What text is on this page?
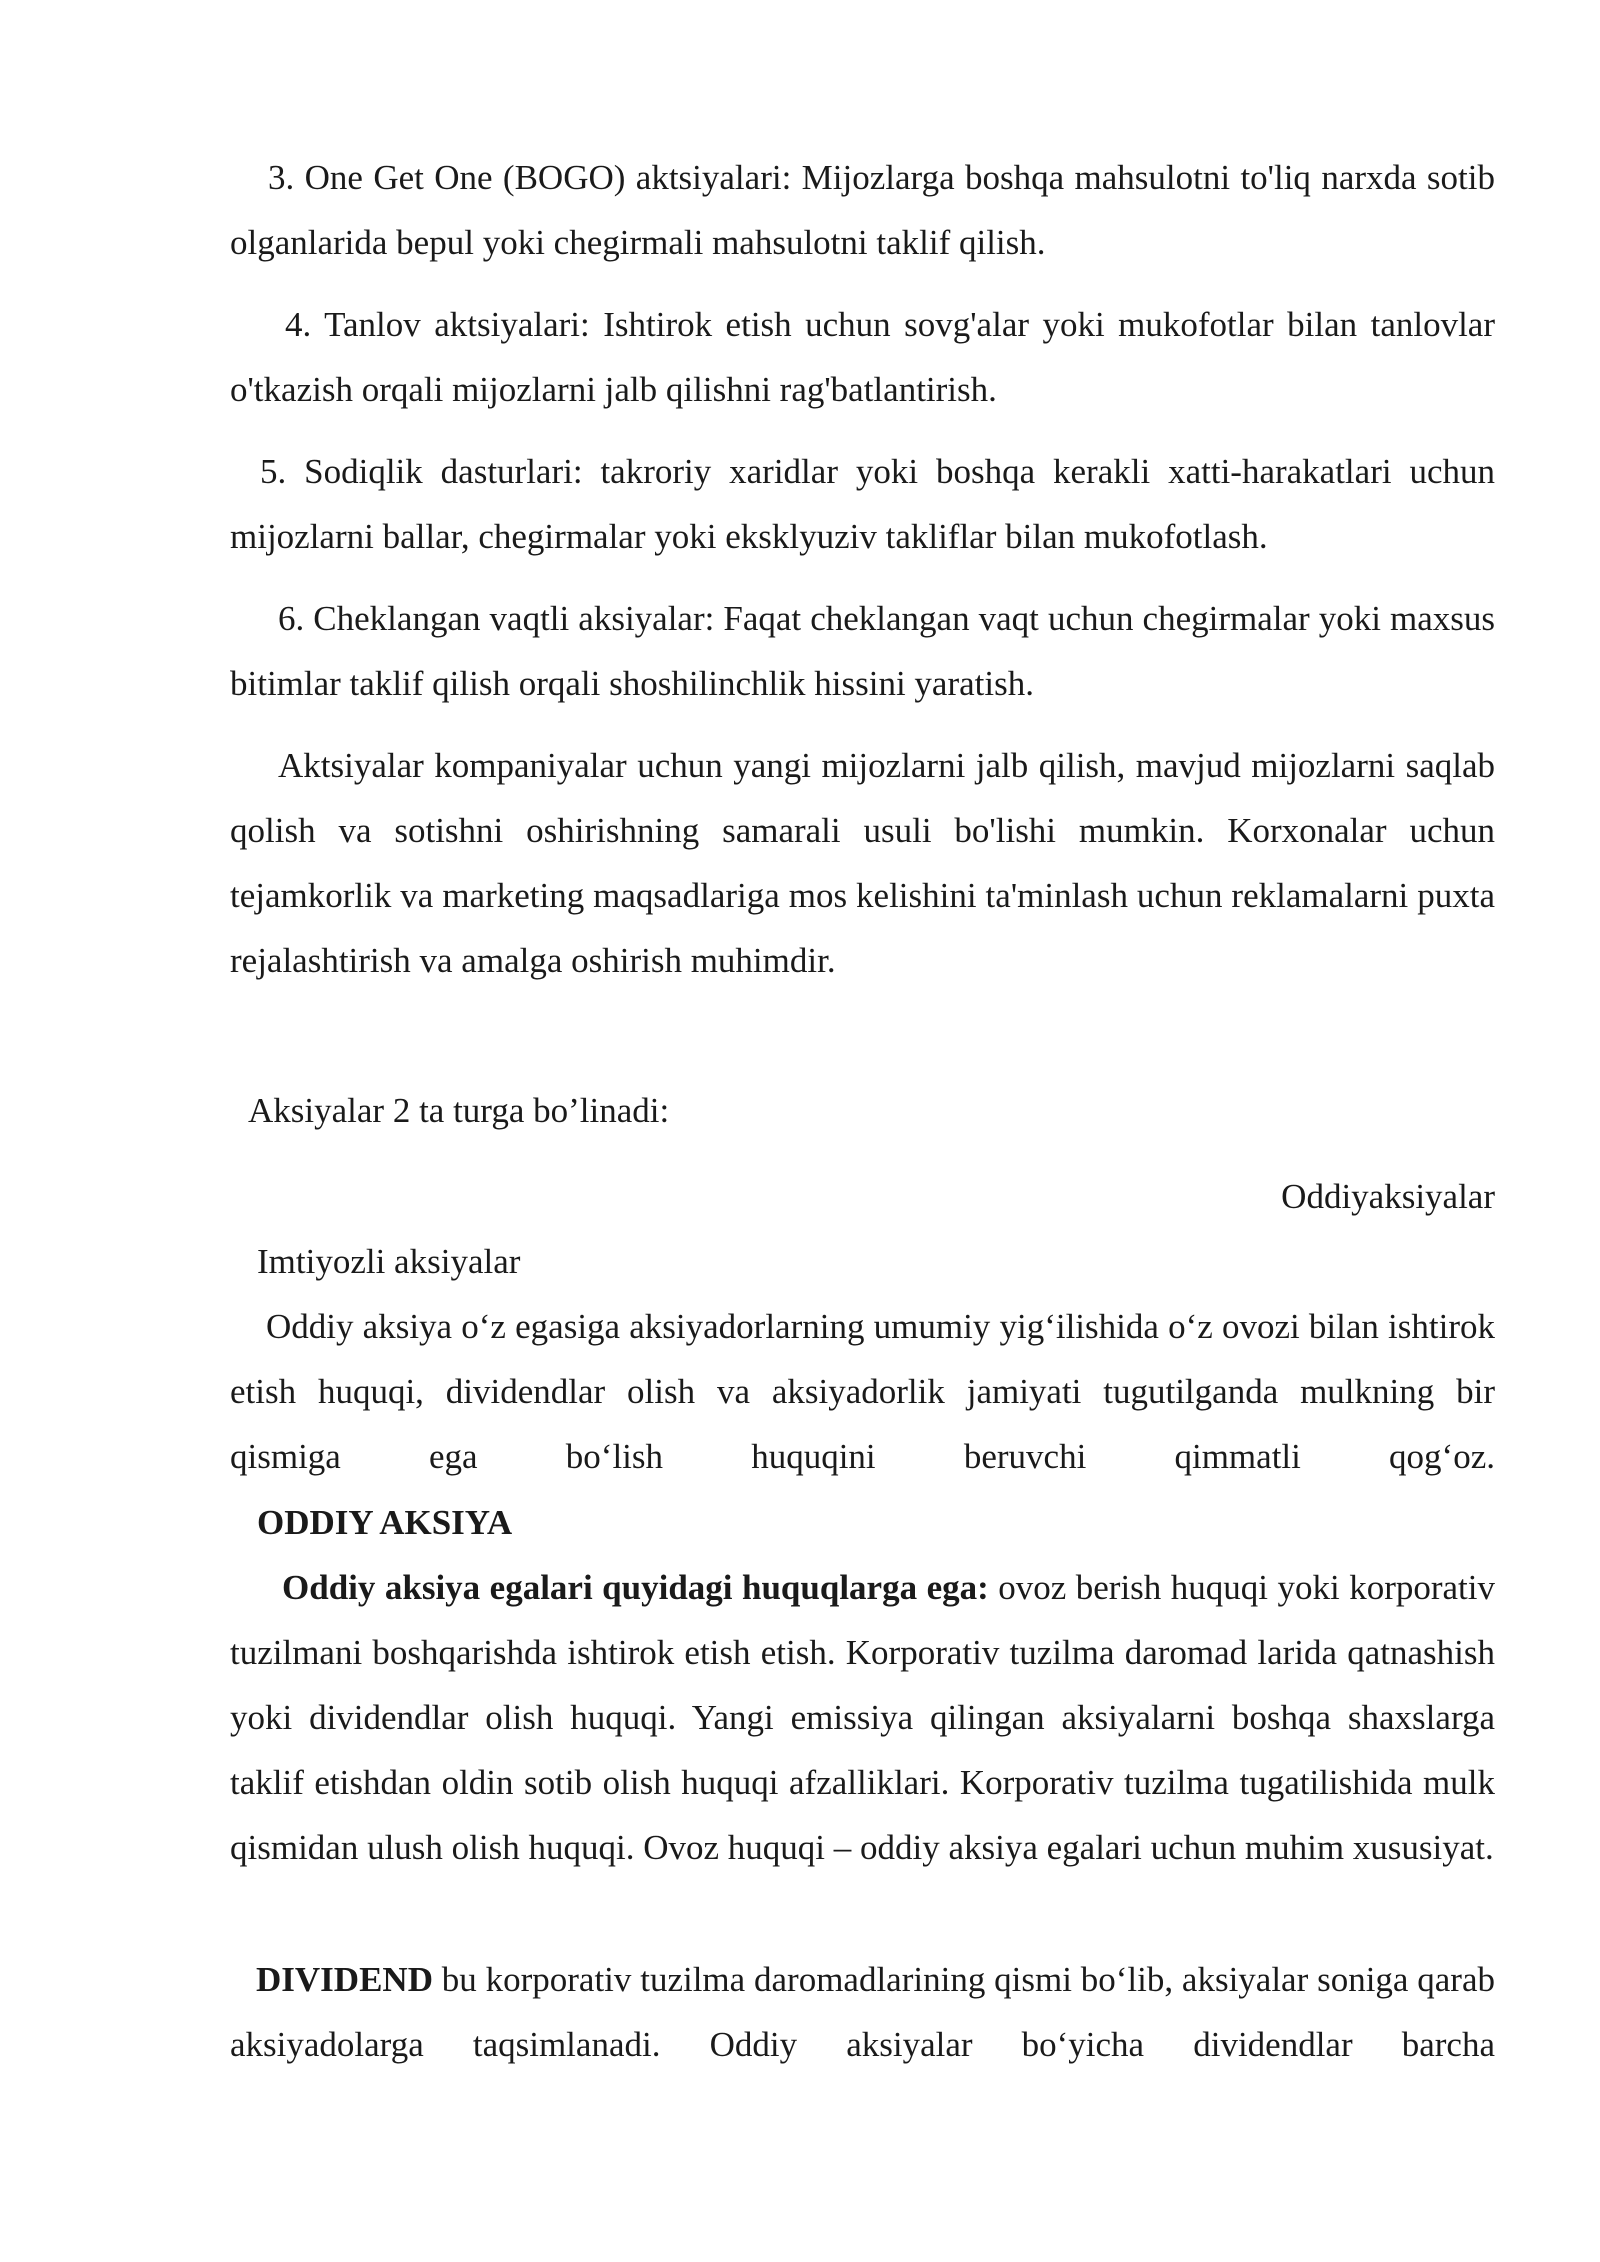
3. One Get One (BOGO) aktsiyalari: Mijozlarga boshqa mahsulotni to'liq narxda sotib olganlarida bepul yoki chegirmali mahsulotni taklif qilish.

4. Tanlov aktsiyalari: Ishtirok etish uchun sovg'alar yoki mukofotlar bilan tanlovlar o'tkazish orqali mijozlarni jalb qilishni rag'batlantirish.

5. Sodiqlik dasturlari: takroriy xaridlar yoki boshqa kerakli xatti-harakatlari uchun mijozlarni ballar, chegirmalar yoki eksklyuziv takliflar bilan mukofotlash.

6. Cheklangan vaqtli aksiyalar: Faqat cheklangan vaqt uchun chegirmalar yoki maxsus bitimlar taklif qilish orqali shoshilinchlik hissini yaratish.

Aktsiyalar kompaniyalar uchun yangi mijozlarni jalb qilish, mavjud mijozlarni saqlab qolish va sotishni oshirishning samarali usuli bo'lishi mumkin. Korxonalar uchun tejamkorlik va marketing maqsadlariga mos kelishini ta'minlash uchun reklamalarni puxta rejalashtirish va amalga oshirish muhimdir.

Aksiyalar 2 ta turga bo’linadi:

Oddiyaksiyalar

Imtiyozli aksiyalar

Oddiy aksiya o‘z egasiga aksiyadorlarning umumiy yig‘ilishida o‘z ovozi bilan ishtirok etish huquqi, dividendlar olish va aksiyadorlik jamiyati tugutilganda mulkning bir qismiga ega bo‘lish huquqini beruvchi qimmatli qog‘oz.

ODDIY AKSIYA

Oddiy aksiya egalari quyidagi huquqlarga ega: ovoz berish huquqi yoki korporativ tuzilmani boshqarishda ishtirok etish etish. Korporativ tuzilma daromad larida qatnashish yoki dividendlar olish huquqi. Yangi emissiya qilingan aksiyalarni boshqa shaxslarga taklif etishdan oldin sotib olish huquqi afzalliklari. Korporativ tuzilma tugatilishida mulk qismidan ulush olish huquqi. Ovoz huquqi – oddiy aksiya egalari uchun muhim xususiyat.

DIVIDEND bu korporativ tuzilma daromadlarining qismi bo‘lib, aksiyalar soniga qarab aksiyadolarga taqsimlanadi. Oddiy aksiyalar bo‘yicha dividendlar barcha
